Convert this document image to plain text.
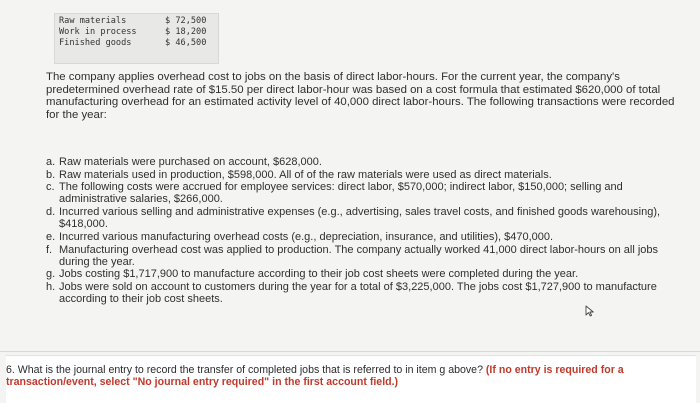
Raw materials	$ 72,500
Work in process	$ 18,200
Finished goods	$ 46,500

The company applies overhead cost to jobs on the basis of direct labor-hours. For the current year, the company's predetermined overhead rate of $15.50 per direct labor-hour was based on a cost formula that estimated $620,000 of total manufacturing overhead for an estimated activity level of 40,000 direct labor-hours. The following transactions were recorded for the year:

a. Raw materials were purchased on account, $628,000.
b. Raw materials used in production, $598,000. All of of the raw materials were used as direct materials.
c. The following costs were accrued for employee services: direct labor, $570,000; indirect labor, $150,000; selling and administrative salaries, $266,000.
d. Incurred various selling and administrative expenses (e.g., advertising, sales travel costs, and finished goods warehousing), $418,000.
e. Incurred various manufacturing overhead costs (e.g., depreciation, insurance, and utilities), $470,000.
f. Manufacturing overhead cost was applied to production. The company actually worked 41,000 direct labor-hours on all jobs during the year.
g. Jobs costing $1,717,900 to manufacture according to their job cost sheets were completed during the year.
h. Jobs were sold on account to customers during the year for a total of $3,225,000. The jobs cost $1,727,900 to manufacture according to their job cost sheets.

6. What is the journal entry to record the transfer of completed jobs that is referred to in item g above? (If no entry is required for a transaction/event, select "No journal entry required" in the first account field.)
